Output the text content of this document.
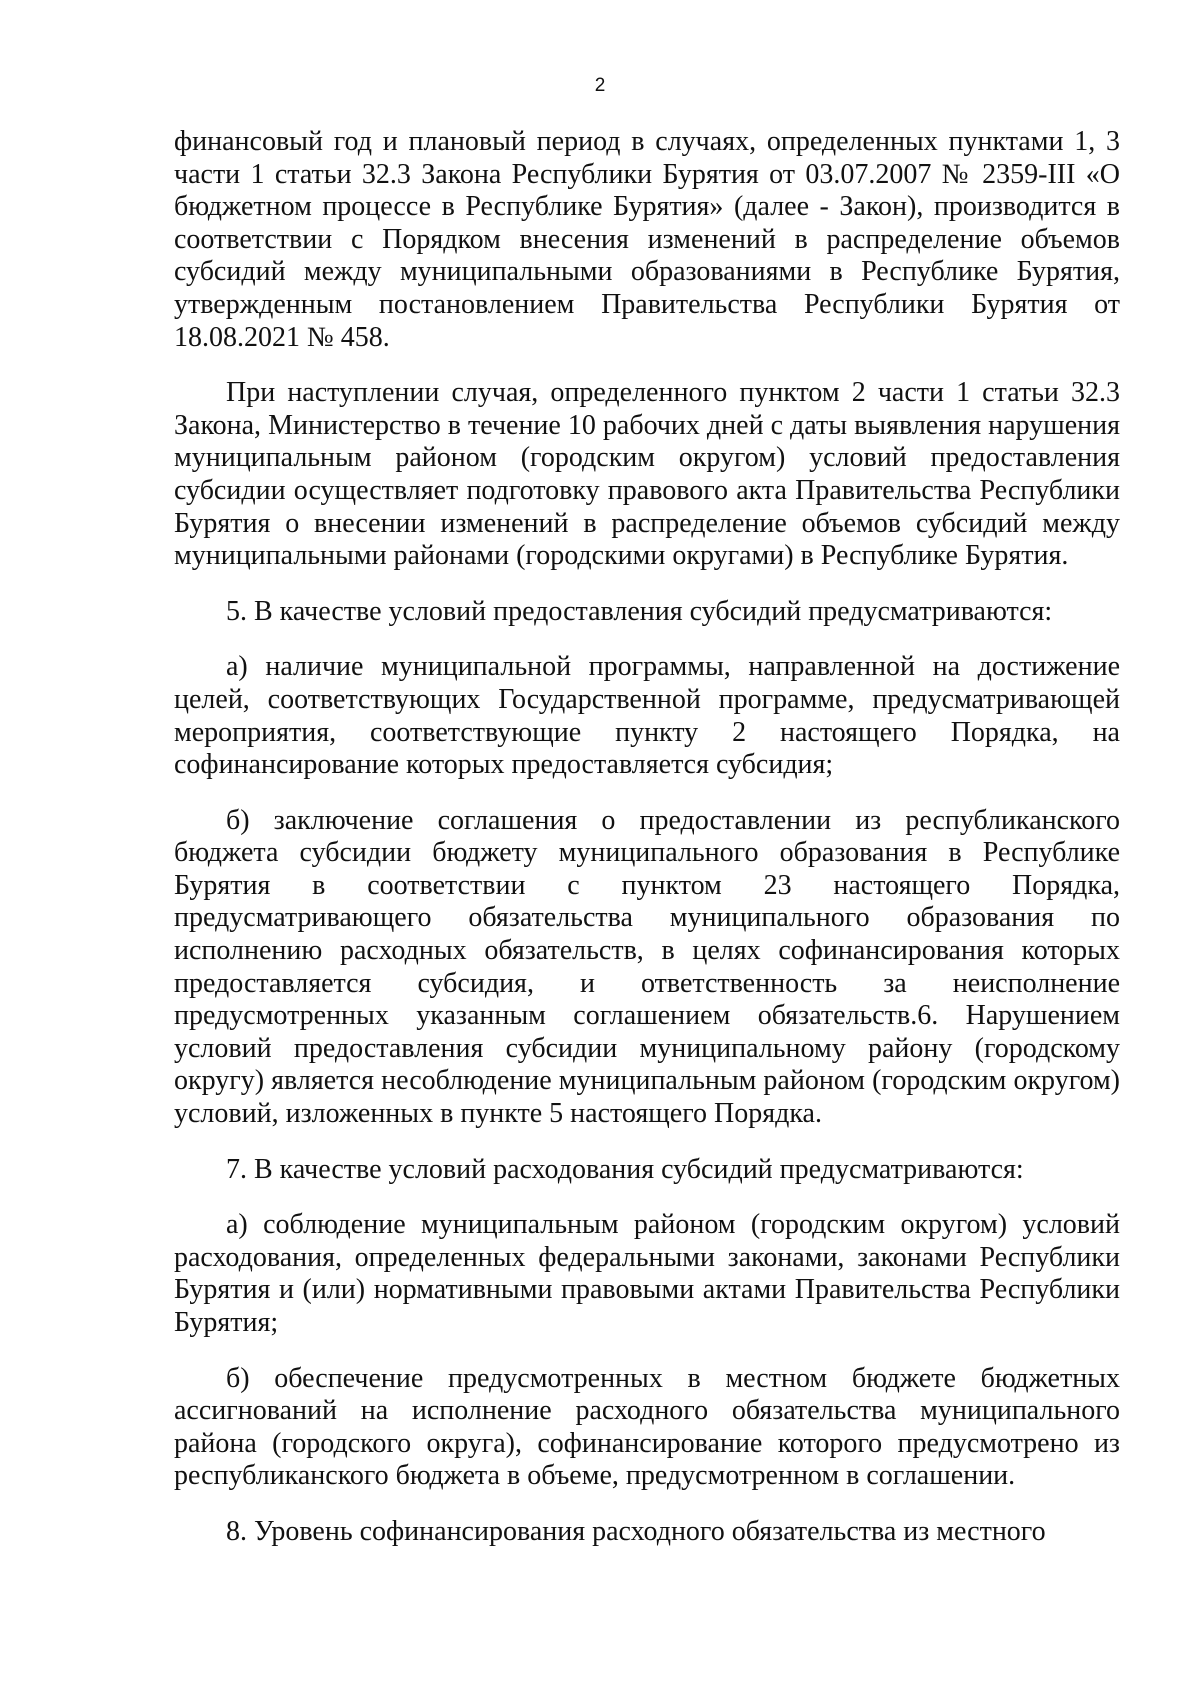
2

финансовый год и плановый период в случаях, определенных пунктами 1, 3 части 1 статьи 32.3 Закона Республики Бурятия от 03.07.2007 № 2359-III «О бюджетном процессе в Республике Бурятия» (далее - Закон), производится в соответствии с Порядком внесения изменений в распределение объемов субсидий между муниципальными образованиями в Республике Бурятия, утвержденным постановлением Правительства Республики Бурятия от 18.08.2021 № 458.

При наступлении случая, определенного пунктом 2 части 1 статьи 32.3 Закона, Министерство в течение 10 рабочих дней с даты выявления нарушения муниципальным районом (городским округом) условий предоставления субсидии осуществляет подготовку правового акта Правительства Республики Бурятия о внесении изменений в распределение объемов субсидий между муниципальными районами (городскими округами) в Республике Бурятия.

5. В качестве условий предоставления субсидий предусматриваются:

а) наличие муниципальной программы, направленной на достижение целей, соответствующих Государственной программе, предусматривающей мероприятия, соответствующие пункту 2 настоящего Порядка, на софинансирование которых предоставляется субсидия;

б) заключение соглашения о предоставлении из республиканского бюджета субсидии бюджету муниципального образования в Республике Бурятия в соответствии с пунктом 23 настоящего Порядка, предусматривающего обязательства муниципального образования по исполнению расходных обязательств, в целях софинансирования которых предоставляется субсидия, и ответственность за неисполнение предусмотренных указанным соглашением обязательств.6. Нарушением условий предоставления субсидии муниципальному району (городскому округу) является несоблюдение муниципальным районом (городским округом) условий, изложенных в пункте 5 настоящего Порядка.

7. В качестве условий расходования субсидий предусматриваются:

а) соблюдение муниципальным районом (городским округом) условий расходования, определенных федеральными законами, законами Республики Бурятия и (или) нормативными правовыми актами Правительства Республики Бурятия;

б) обеспечение предусмотренных в местном бюджете бюджетных ассигнований на исполнение расходного обязательства муниципального района (городского округа), софинансирование которого предусмотрено из республиканского бюджета в объеме, предусмотренном в соглашении.

8. Уровень софинансирования расходного обязательства из местного
